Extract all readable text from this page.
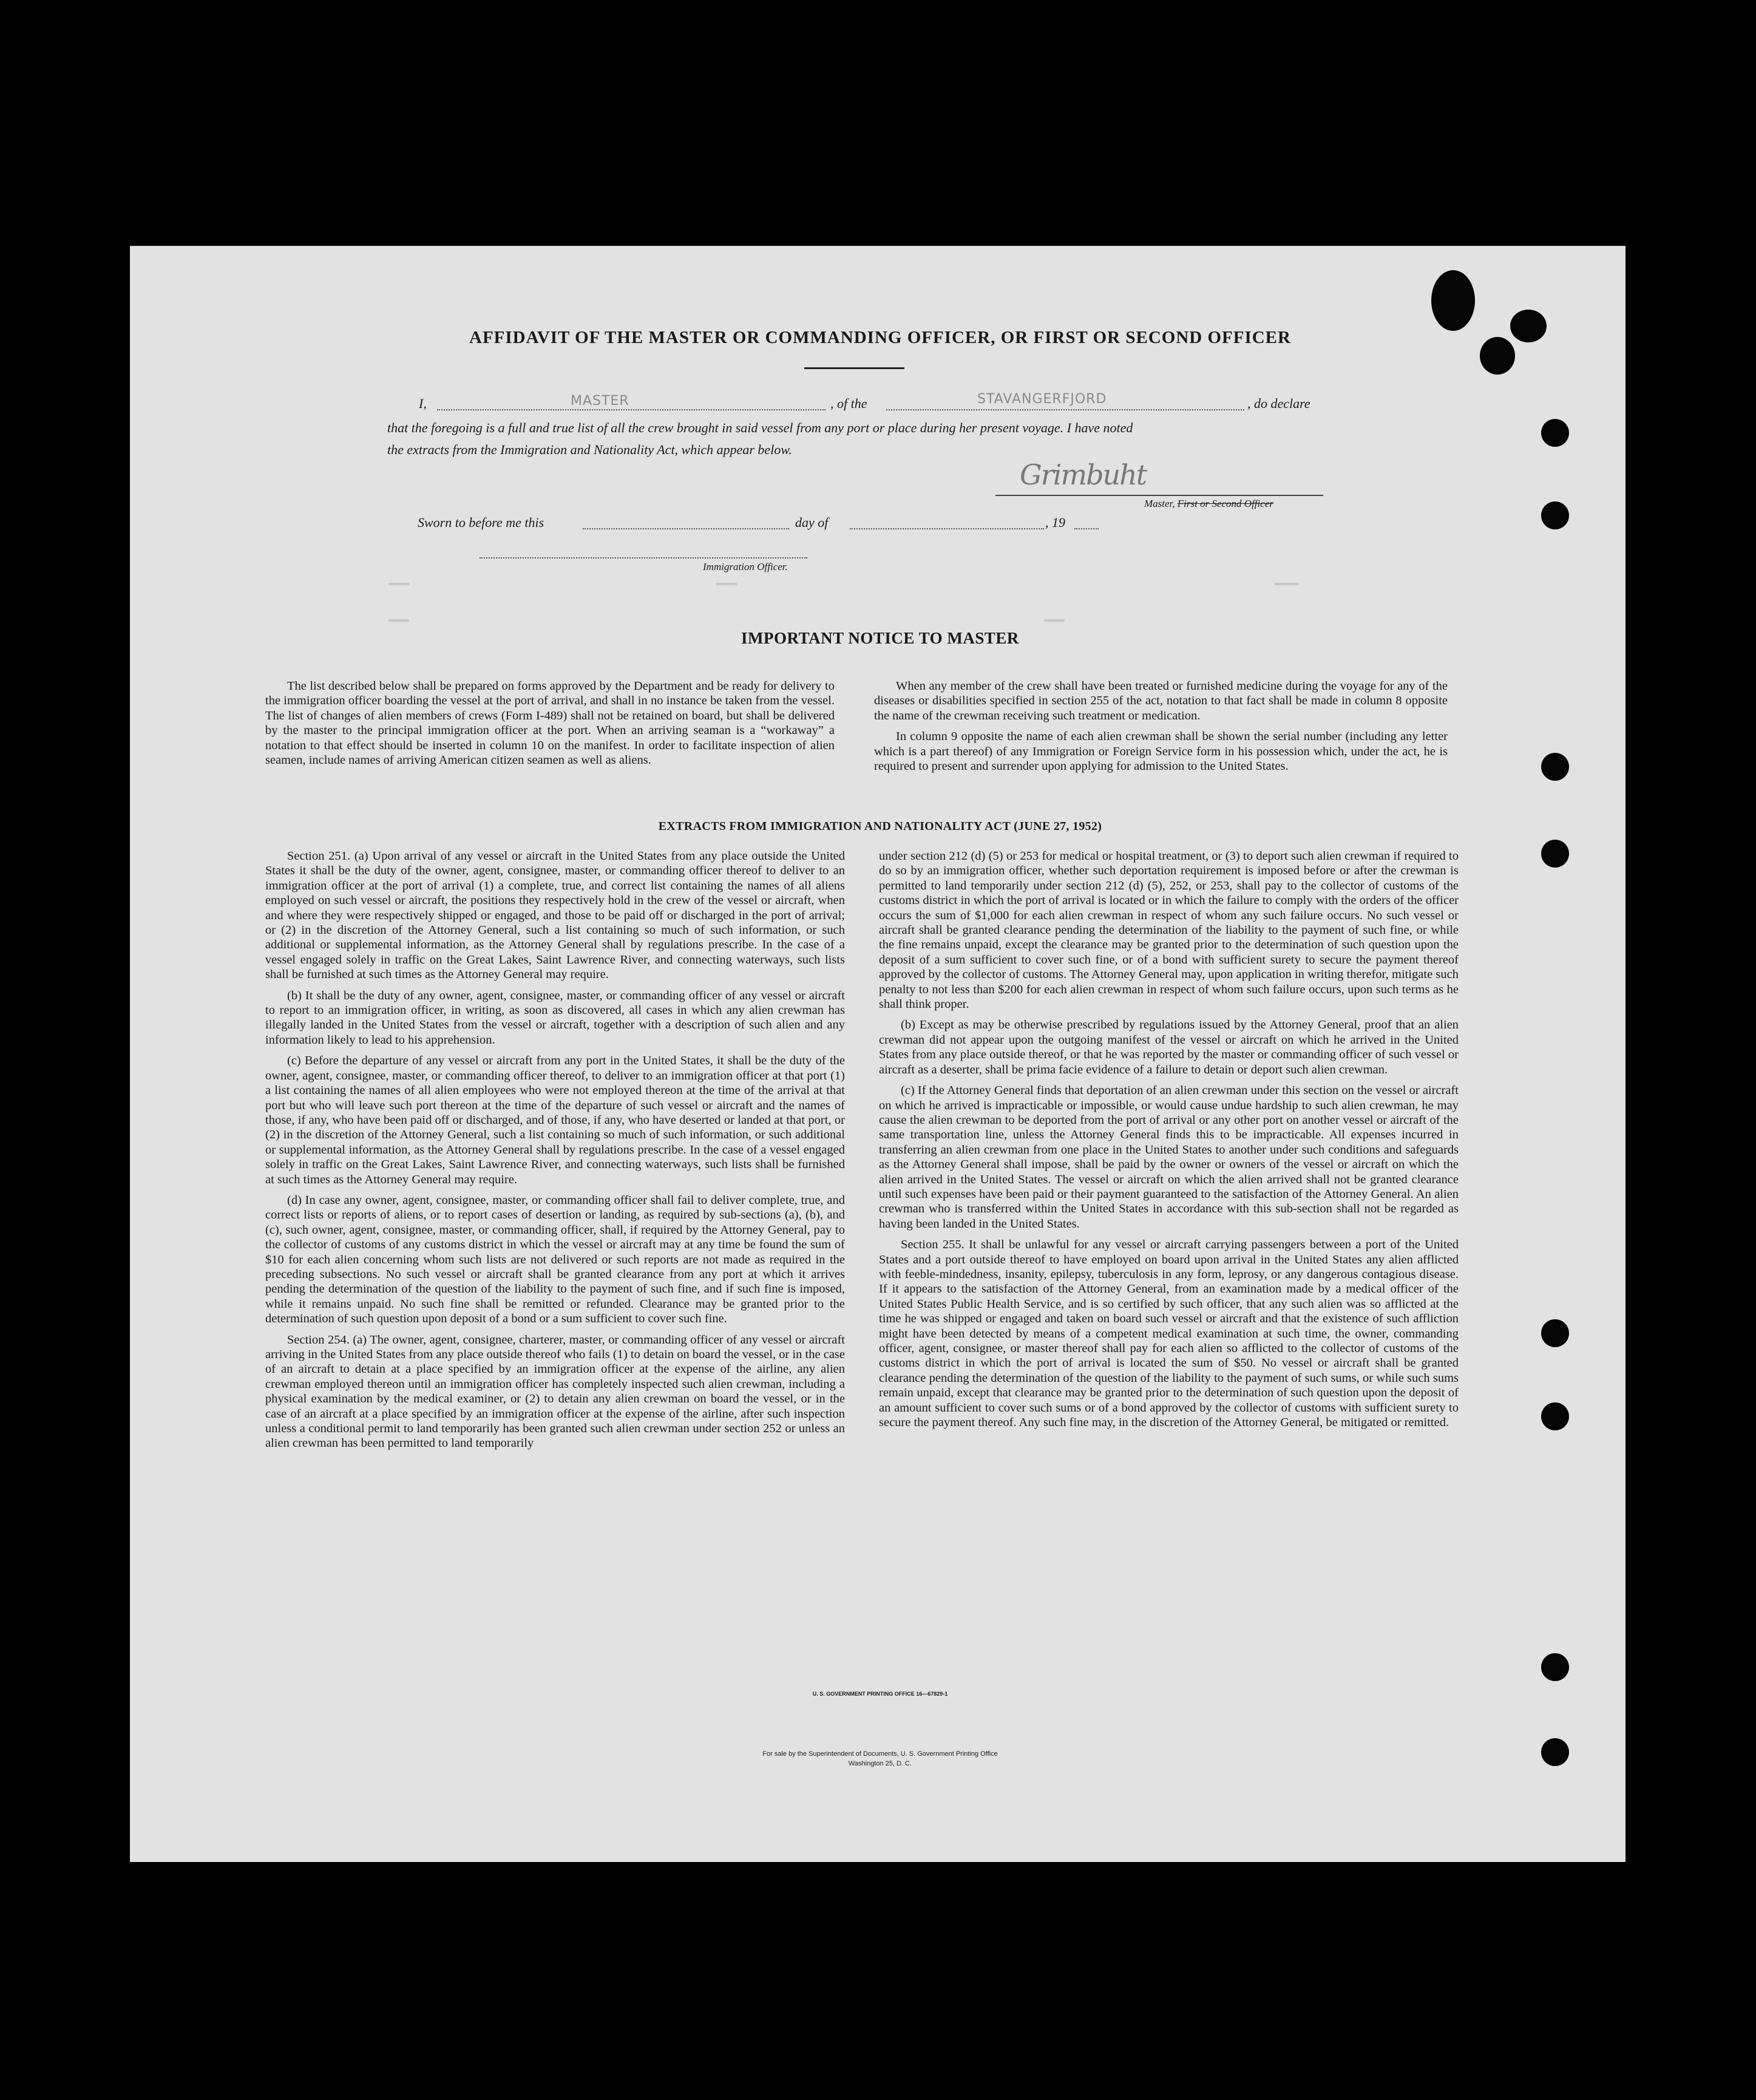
AFFIDAVIT OF THE MASTER OR COMMANDING OFFICER, OR FIRST OR SECOND OFFICER
I,	MASTER	, of the	STAVANGERFJORD	, do declare
that the foregoing is a full and true list of all the crew brought in said vessel from any port or place during her present voyage. I have noted
the extracts from the Immigration and Nationality Act, which appear below.
Grimbuht
Master, First or Second Officer
Sworn to before me this	day of	, 19
Immigration Officer.
IMPORTANT NOTICE TO MASTER

The list described below shall be prepared on forms approved by the Department and be ready for delivery to the immigration officer boarding the vessel at the port of arrival, and shall in no instance be taken from the vessel. The list of changes of alien members of crews (Form I-489) shall not be retained on board, but shall be delivered by the master to the principal immigration officer at the port. When an arriving seaman is a “workaway” a notation to that effect should be inserted in column 10 on the manifest. In order to facilitate inspection of alien seamen, include names of arriving American citizen seamen as well as aliens.

When any member of the crew shall have been treated or furnished medicine during the voyage for any of the diseases or disabilities specified in section 255 of the act, notation to that fact shall be made in column 8 opposite the name of the crewman receiving such treatment or medication.

In column 9 opposite the name of each alien crewman shall be shown the serial number (including any letter which is a part thereof) of any Immigration or Foreign Service form in his possession which, under the act, he is required to present and surrender upon applying for admission to the United States.

EXTRACTS FROM IMMIGRATION AND NATIONALITY ACT (JUNE 27, 1952)

Section 251. (a) Upon arrival of any vessel or aircraft in the United States from any place outside the United States it shall be the duty of the owner, agent, consignee, master, or commanding officer thereof to deliver to an immigration officer at the port of arrival (1) a complete, true, and correct list containing the names of all aliens employed on such vessel or aircraft, the positions they respectively hold in the crew of the vessel or aircraft, when and where they were respectively shipped or engaged, and those to be paid off or discharged in the port of arrival; or (2) in the discretion of the Attorney General, such a list containing so much of such information, or such additional or supplemental information, as the Attorney General shall by regulations prescribe. In the case of a vessel engaged solely in traffic on the Great Lakes, Saint Lawrence River, and connecting waterways, such lists shall be furnished at such times as the Attorney General may require.

(b) It shall be the duty of any owner, agent, consignee, master, or commanding officer of any vessel or aircraft to report to an immigration officer, in writing, as soon as discovered, all cases in which any alien crewman has illegally landed in the United States from the vessel or aircraft, together with a description of such alien and any information likely to lead to his apprehension.

(c) Before the departure of any vessel or aircraft from any port in the United States, it shall be the duty of the owner, agent, consignee, master, or commanding officer thereof, to deliver to an immigration officer at that port (1) a list containing the names of all alien employees who were not employed thereon at the time of the arrival at that port but who will leave such port thereon at the time of the departure of such vessel or aircraft and the names of those, if any, who have been paid off or discharged, and of those, if any, who have deserted or landed at that port, or (2) in the discretion of the Attorney General, such a list containing so much of such information, or such additional or supplemental information, as the Attorney General shall by regulations prescribe. In the case of a vessel engaged solely in traffic on the Great Lakes, Saint Lawrence River, and connecting waterways, such lists shall be furnished at such times as the Attorney General may require.

(d) In case any owner, agent, consignee, master, or commanding officer shall fail to deliver complete, true, and correct lists or reports of aliens, or to report cases of desertion or landing, as required by sub-sections (a), (b), and (c), such owner, agent, consignee, master, or commanding officer, shall, if required by the Attorney General, pay to the collector of customs of any customs district in which the vessel or aircraft may at any time be found the sum of $10 for each alien concerning whom such lists are not delivered or such reports are not made as required in the preceding subsections. No such vessel or aircraft shall be granted clearance from any port at which it arrives pending the determination of the question of the liability to the payment of such fine, and if such fine is imposed, while it remains unpaid. No such fine shall be remitted or refunded. Clearance may be granted prior to the determination of such question upon deposit of a bond or a sum sufficient to cover such fine.

Section 254. (a) The owner, agent, consignee, charterer, master, or commanding officer of any vessel or aircraft arriving in the United States from any place outside thereof who fails (1) to detain on board the vessel, or in the case of an aircraft to detain at a place specified by an immigration officer at the expense of the airline, any alien crewman employed thereon until an immigration officer has completely inspected such alien crewman, including a physical examination by the medical examiner, or (2) to detain any alien crewman on board the vessel, or in the case of an aircraft at a place specified by an immigration officer at the expense of the airline, after such inspection unless a conditional permit to land temporarily has been granted such alien crewman under section 252 or unless an alien crewman has been permitted to land temporarily

under section 212 (d) (5) or 253 for medical or hospital treatment, or (3) to deport such alien crewman if required to do so by an immigration officer, whether such deportation requirement is imposed before or after the crewman is permitted to land temporarily under section 212 (d) (5), 252, or 253, shall pay to the collector of customs of the customs district in which the port of arrival is located or in which the failure to comply with the orders of the officer occurs the sum of $1,000 for each alien crewman in respect of whom any such failure occurs. No such vessel or aircraft shall be granted clearance pending the determination of the liability to the payment of such fine, or while the fine remains unpaid, except the clearance may be granted prior to the determination of such question upon the deposit of a sum sufficient to cover such fine, or of a bond with sufficient surety to secure the payment thereof approved by the collector of customs. The Attorney General may, upon application in writing therefor, mitigate such penalty to not less than $200 for each alien crewman in respect of whom such failure occurs, upon such terms as he shall think proper.

(b) Except as may be otherwise prescribed by regulations issued by the Attorney General, proof that an alien crewman did not appear upon the outgoing manifest of the vessel or aircraft on which he arrived in the United States from any place outside thereof, or that he was reported by the master or commanding officer of such vessel or aircraft as a deserter, shall be prima facie evidence of a failure to detain or deport such alien crewman.

(c) If the Attorney General finds that deportation of an alien crewman under this section on the vessel or aircraft on which he arrived is impracticable or impossible, or would cause undue hardship to such alien crewman, he may cause the alien crewman to be deported from the port of arrival or any other port on another vessel or aircraft of the same transportation line, unless the Attorney General finds this to be impracticable. All expenses incurred in transferring an alien crewman from one place in the United States to another under such conditions and safeguards as the Attorney General shall impose, shall be paid by the owner or owners of the vessel or aircraft on which the alien arrived in the United States. The vessel or aircraft on which the alien arrived shall not be granted clearance until such expenses have been paid or their payment guaranteed to the satisfaction of the Attorney General. An alien crewman who is transferred within the United States in accordance with this sub-section shall not be regarded as having been landed in the United States.

Section 255. It shall be unlawful for any vessel or aircraft carrying passengers between a port of the United States and a port outside thereof to have employed on board upon arrival in the United States any alien afflicted with feeble-mindedness, insanity, epilepsy, tuberculosis in any form, leprosy, or any dangerous contagious disease. If it appears to the satisfaction of the Attorney General, from an examination made by a medical officer of the United States Public Health Service, and is so certified by such officer, that any such alien was so afflicted at the time he was shipped or engaged and taken on board such vessel or aircraft and that the existence of such affliction might have been detected by means of a competent medical examination at such time, the owner, commanding officer, agent, consignee, or master thereof shall pay for each alien so afflicted to the collector of customs of the customs district in which the port of arrival is located the sum of $50. No vessel or aircraft shall be granted clearance pending the determination of the question of the liability to the payment of such sums, or while such sums remain unpaid, except that clearance may be granted prior to the determination of such question upon the deposit of an amount sufficient to cover such sums or of a bond approved by the collector of customs with sufficient surety to secure the payment thereof. Any such fine may, in the discretion of the Attorney General, be mitigated or remitted.

U. S. GOVERNMENT PRINTING OFFICE 16—67829-1
For sale by the Superintendent of Documents, U. S. Government Printing Office
Washington 25, D. C.
